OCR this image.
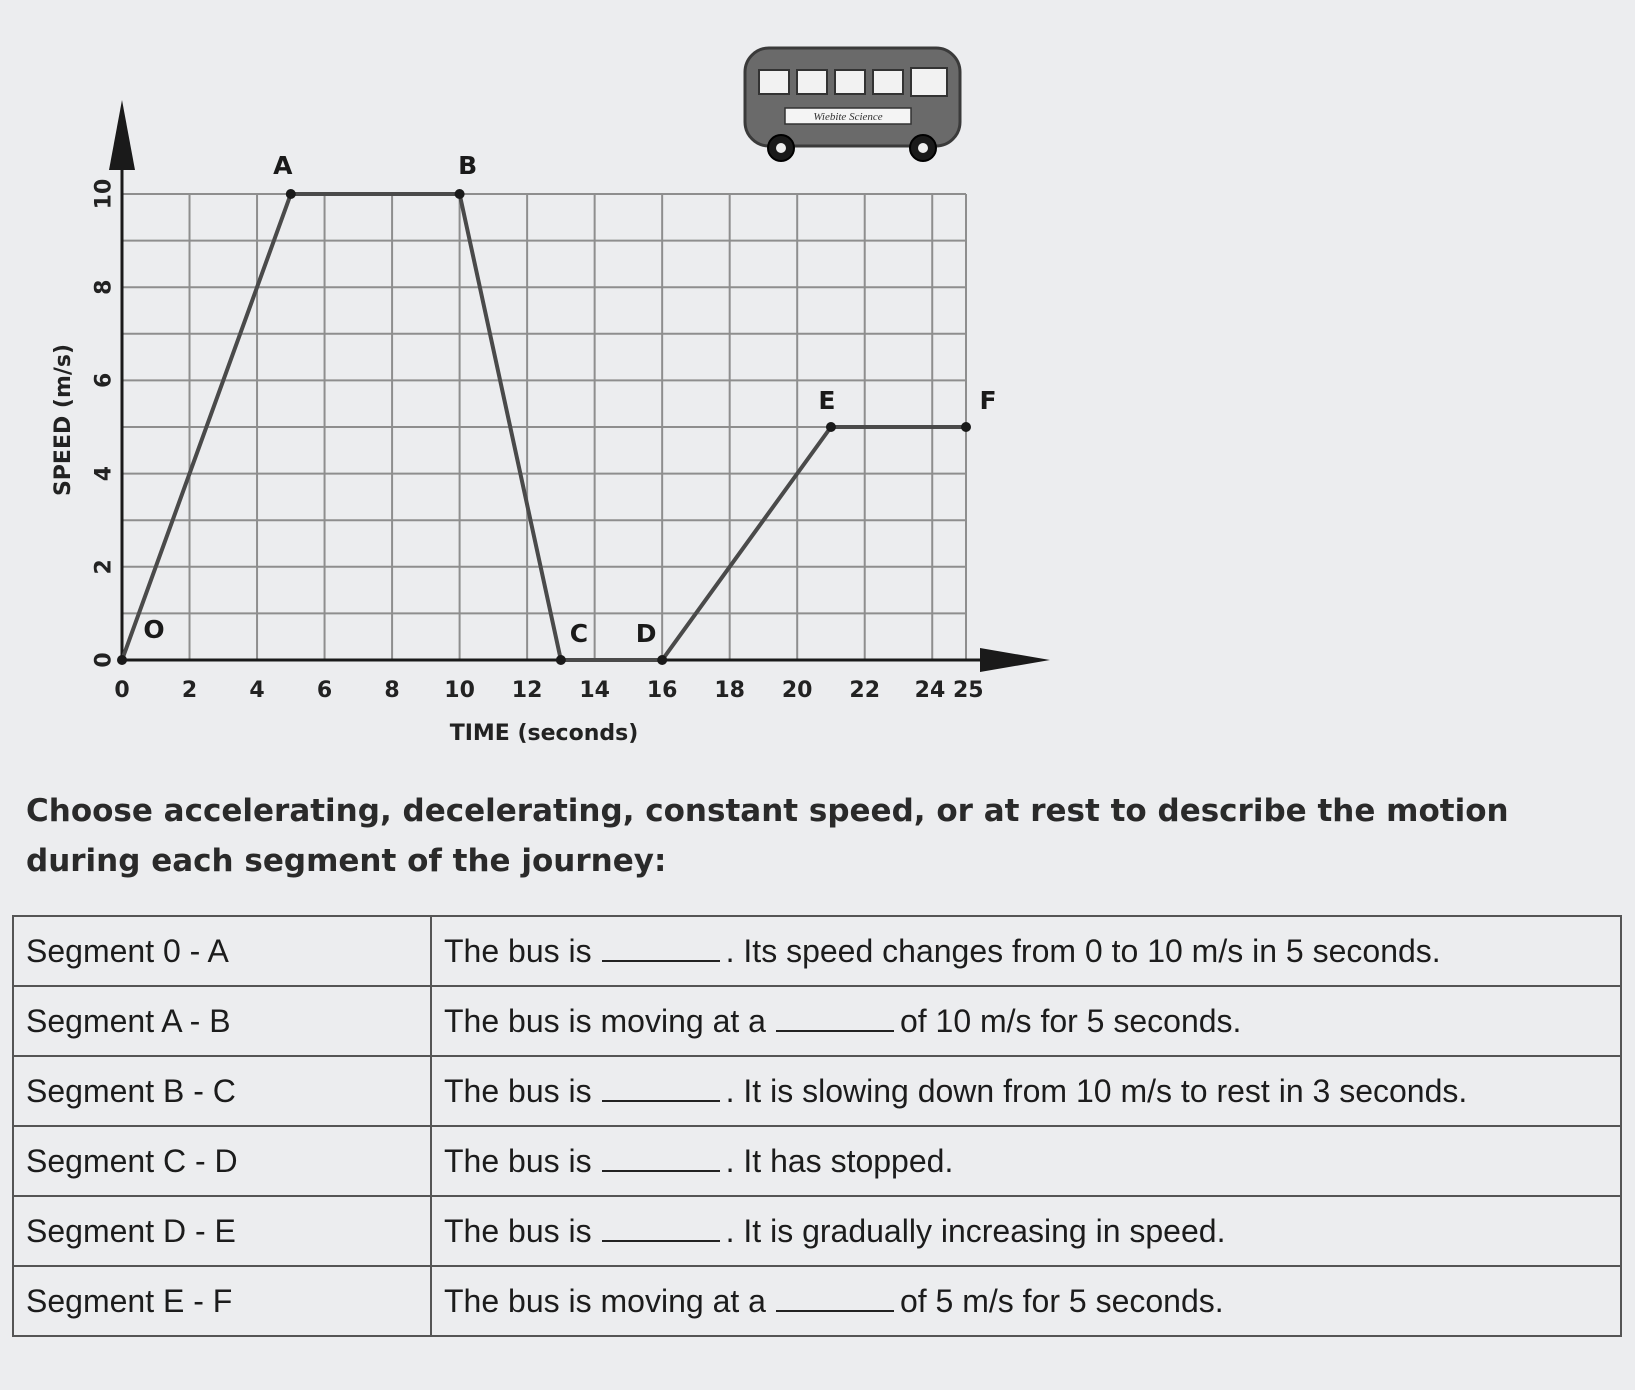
0 2 4 6 8 10 12 14 16 18 20 22 24 25
0
2
4
6
8
10
TIME (seconds)
SPEED (m/s)
O
A	B
C D
E	F
Wiebite Science
Choose accelerating, decelerating, constant speed, or at rest to describe the motion during each segment of the journey:
Segment 0 - A	The bus is . Its speed changes from 0 to 10 m/s in 5 seconds.
Segment A - B	The bus is moving at a of 10 m/s for 5 seconds.
Segment B - C	The bus is . It is slowing down from 10 m/s to rest in 3 seconds.
Segment C - D	The bus is . It has stopped.
Segment D - E	The bus is . It is gradually increasing in speed.
Segment E - F	The bus is moving at a of 5 m/s for 5 seconds.
